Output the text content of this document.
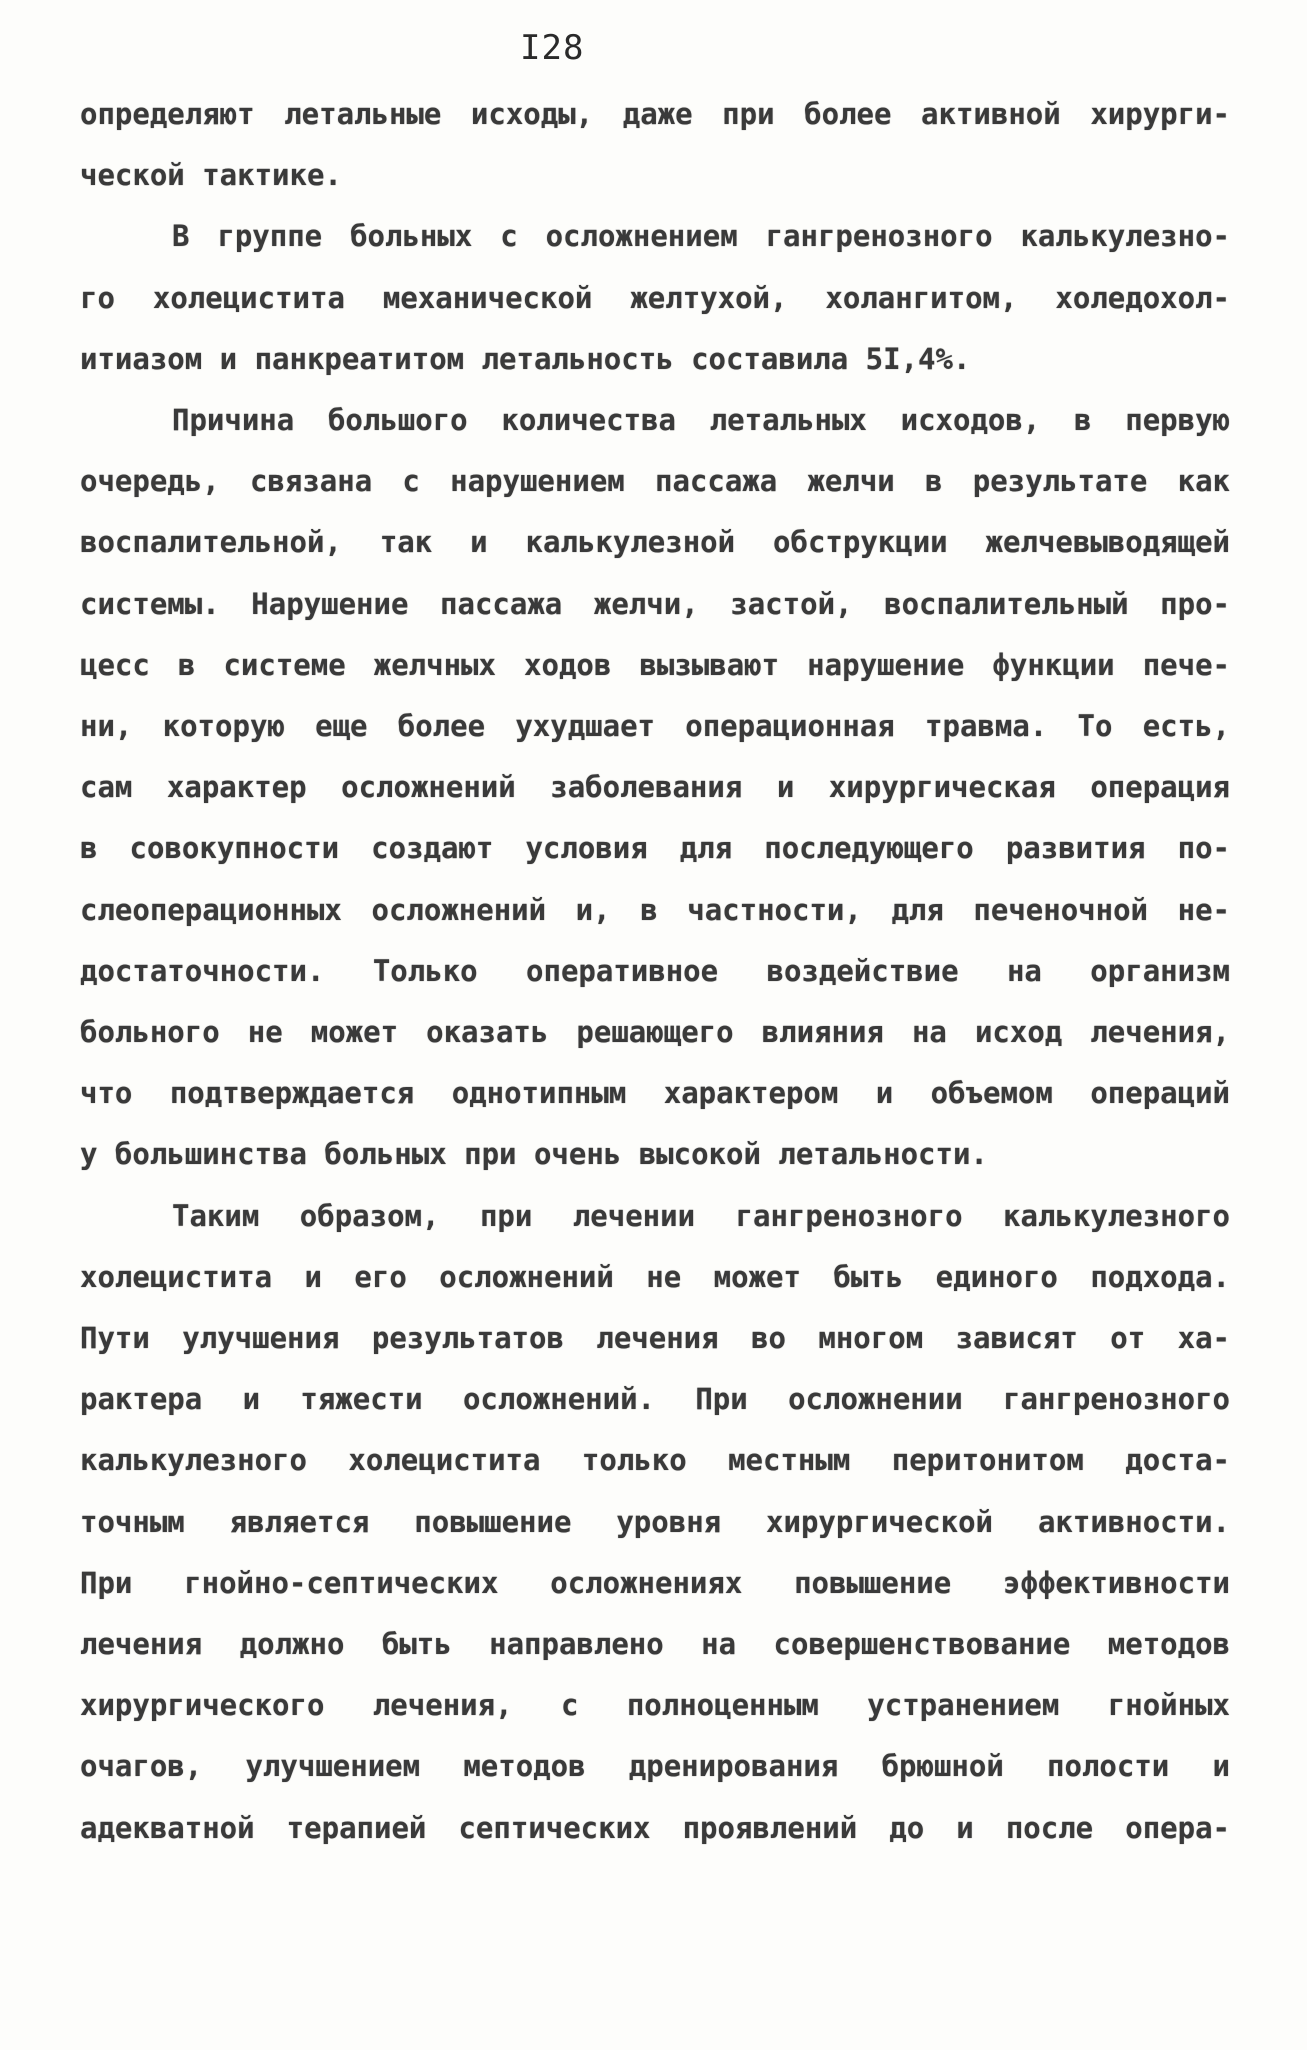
I28
определяют летальные исходы, даже при более активной хирурги-
ческой тактике.
В группе больных с осложнением гангренозного калькулезно-
го холецистита механической желтухой, холангитом, холедохол-
итиазом и панкреатитом летальность составила 5I,4%.
Причина большого количества летальных исходов, в первую
очередь, связана с нарушением пассажа желчи в результате как
воспалительной, так и калькулезной обструкции желчевыводящей
системы. Нарушение пассажа желчи, застой, воспалительный про-
цесс в системе желчных ходов вызывают нарушение функции пече-
ни, которую еще более ухудшает операционная травма. То есть,
сам характер осложнений заболевания и хирургическая операция
в совокупности создают условия для последующего развития по-
слеоперационных осложнений и, в частности, для печеночной не-
достаточности. Только оперативное воздействие на организм
больного не может оказать решающего влияния на исход лечения,
что подтверждается однотипным характером и объемом операций
у большинства больных при очень высокой летальности.
Таким образом, при лечении гангренозного калькулезного
холецистита и его осложнений не может быть единого подхода.
Пути улучшения результатов лечения во многом зависят от ха-
рактера и тяжести осложнений. При осложнении гангренозного
калькулезного холецистита только местным перитонитом доста-
точным является повышение уровня хирургической активности.
При гнойно-септических осложнениях повышение эффективности
лечения должно быть направлено на совершенствование методов
хирургического лечения, с полноценным устранением гнойных
очагов, улучшением методов дренирования брюшной полости и
адекватной терапией септических проявлений до и после опера-
